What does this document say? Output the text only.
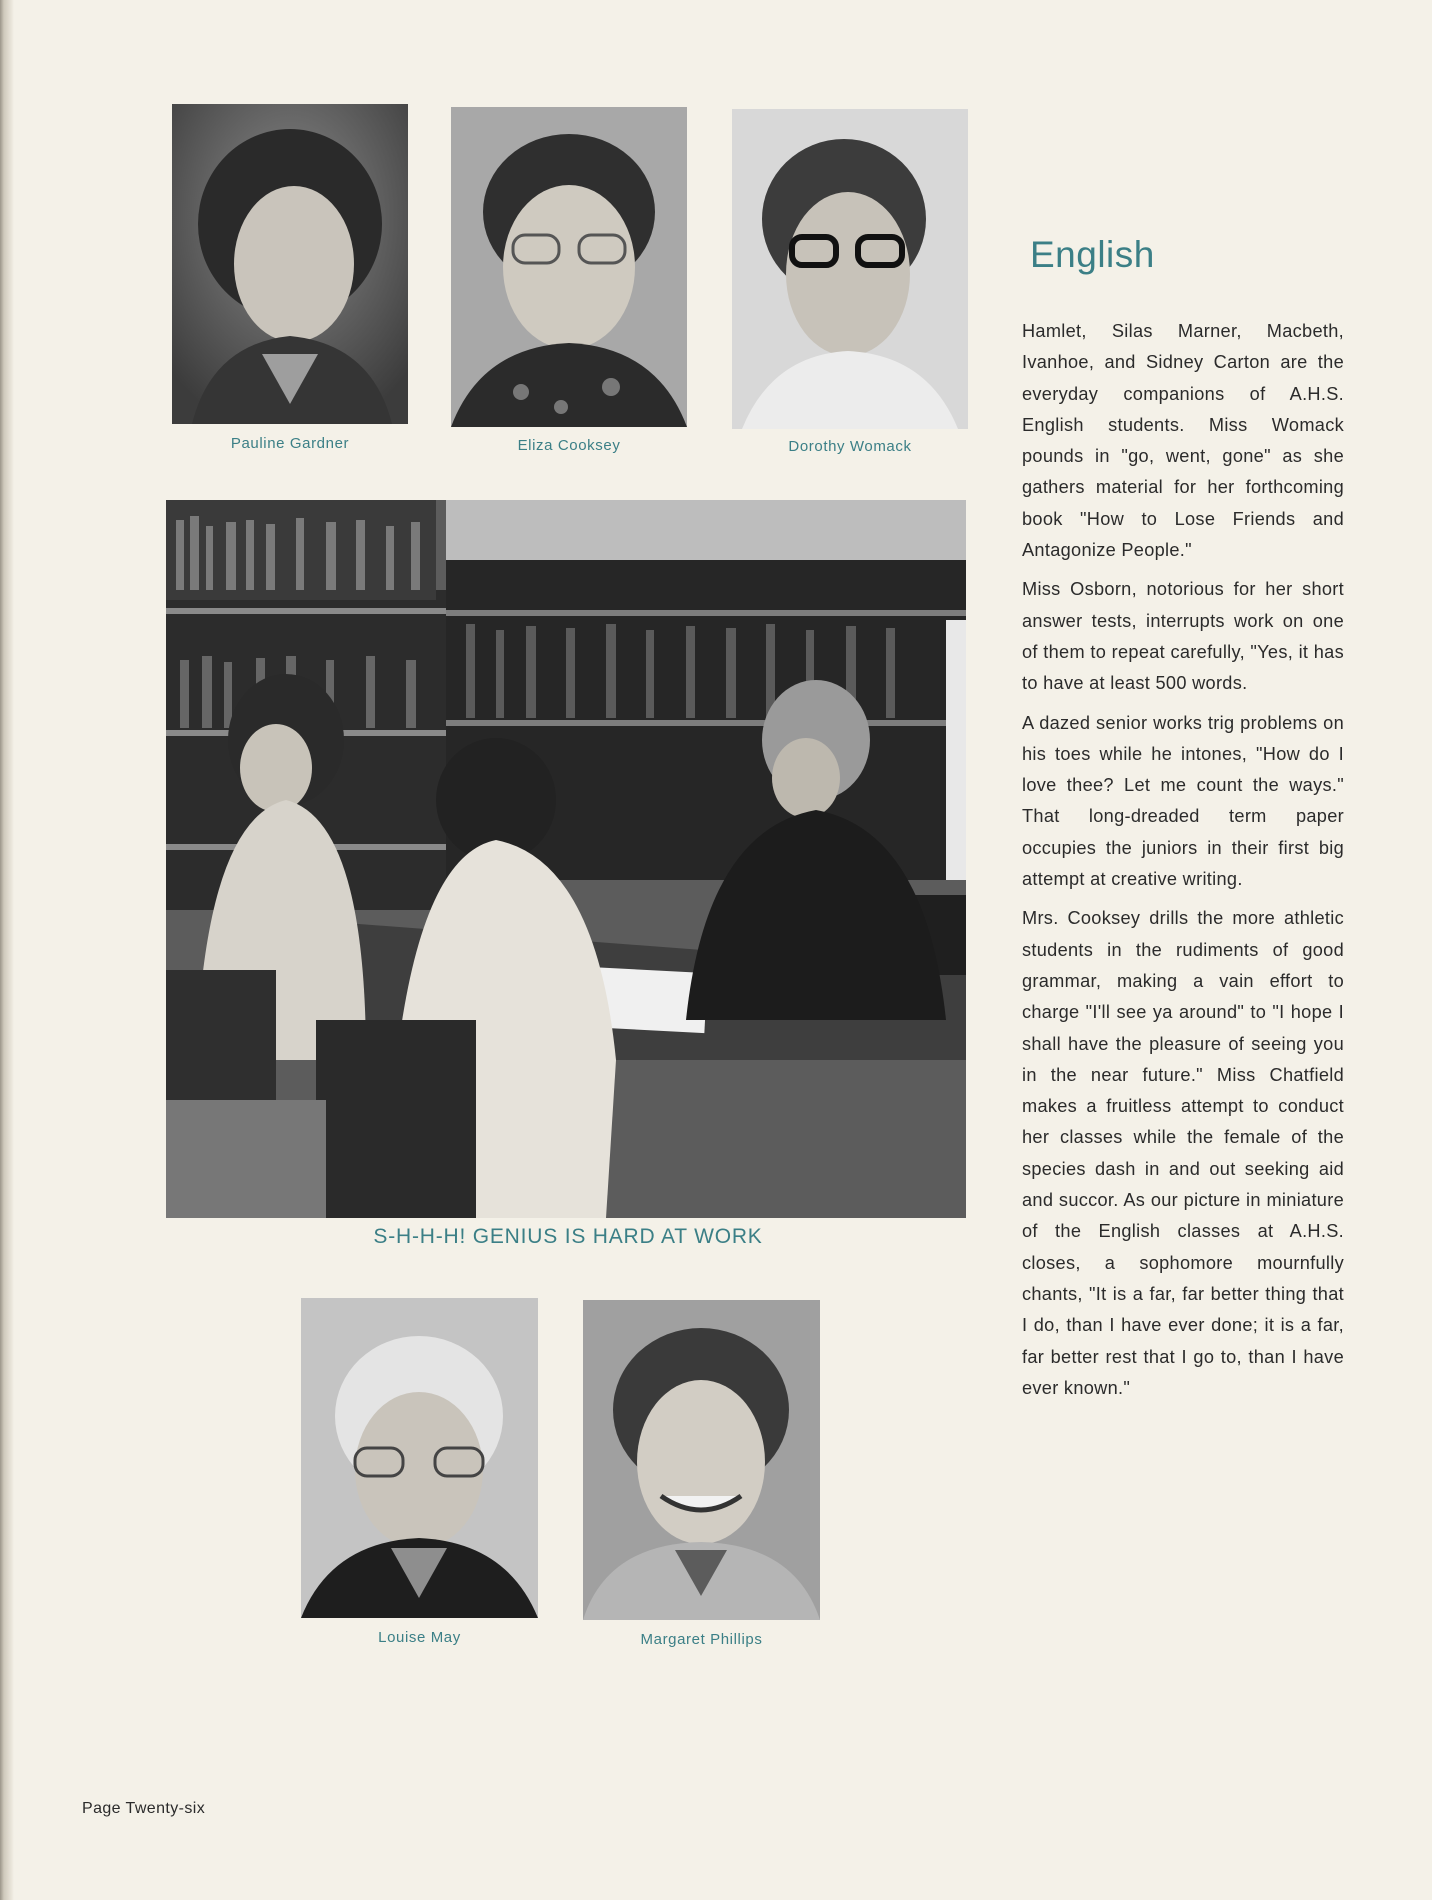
Pauline Gardner	Eliza Cooksey	Dorothy Womack
S-H-H-H! GENIUS IS HARD AT WORK
Louise May	Margaret Phillips
English

Hamlet, Silas Marner, Macbeth, Ivanhoe, and Sidney Carton are the everyday companions of A.H.S. English students. Miss Womack pounds in "go, went, gone" as she gathers material for her forthcoming book "How to Lose Friends and Antagonize People."

Miss Osborn, notorious for her short answer tests, interrupts work on one of them to repeat carefully, "Yes, it has to have at least 500 words.

A dazed senior works trig problems on his toes while he intones, "How do I love thee? Let me count the ways." That long-dreaded term paper occupies the juniors in their first big attempt at creative writing.

Mrs. Cooksey drills the more athletic students in the rudiments of good grammar, making a vain effort to charge "I'll see ya around" to "I hope I shall have the pleasure of seeing you in the near future." Miss Chatfield makes a fruitless attempt to conduct her classes while the female of the species dash in and out seeking aid and succor. As our picture in miniature of the English classes at A.H.S. closes, a sophomore mournfully chants, "It is a far, far better thing that I do, than I have ever done; it is a far, far better rest that I go to, than I have ever known."

Page Twenty-six
